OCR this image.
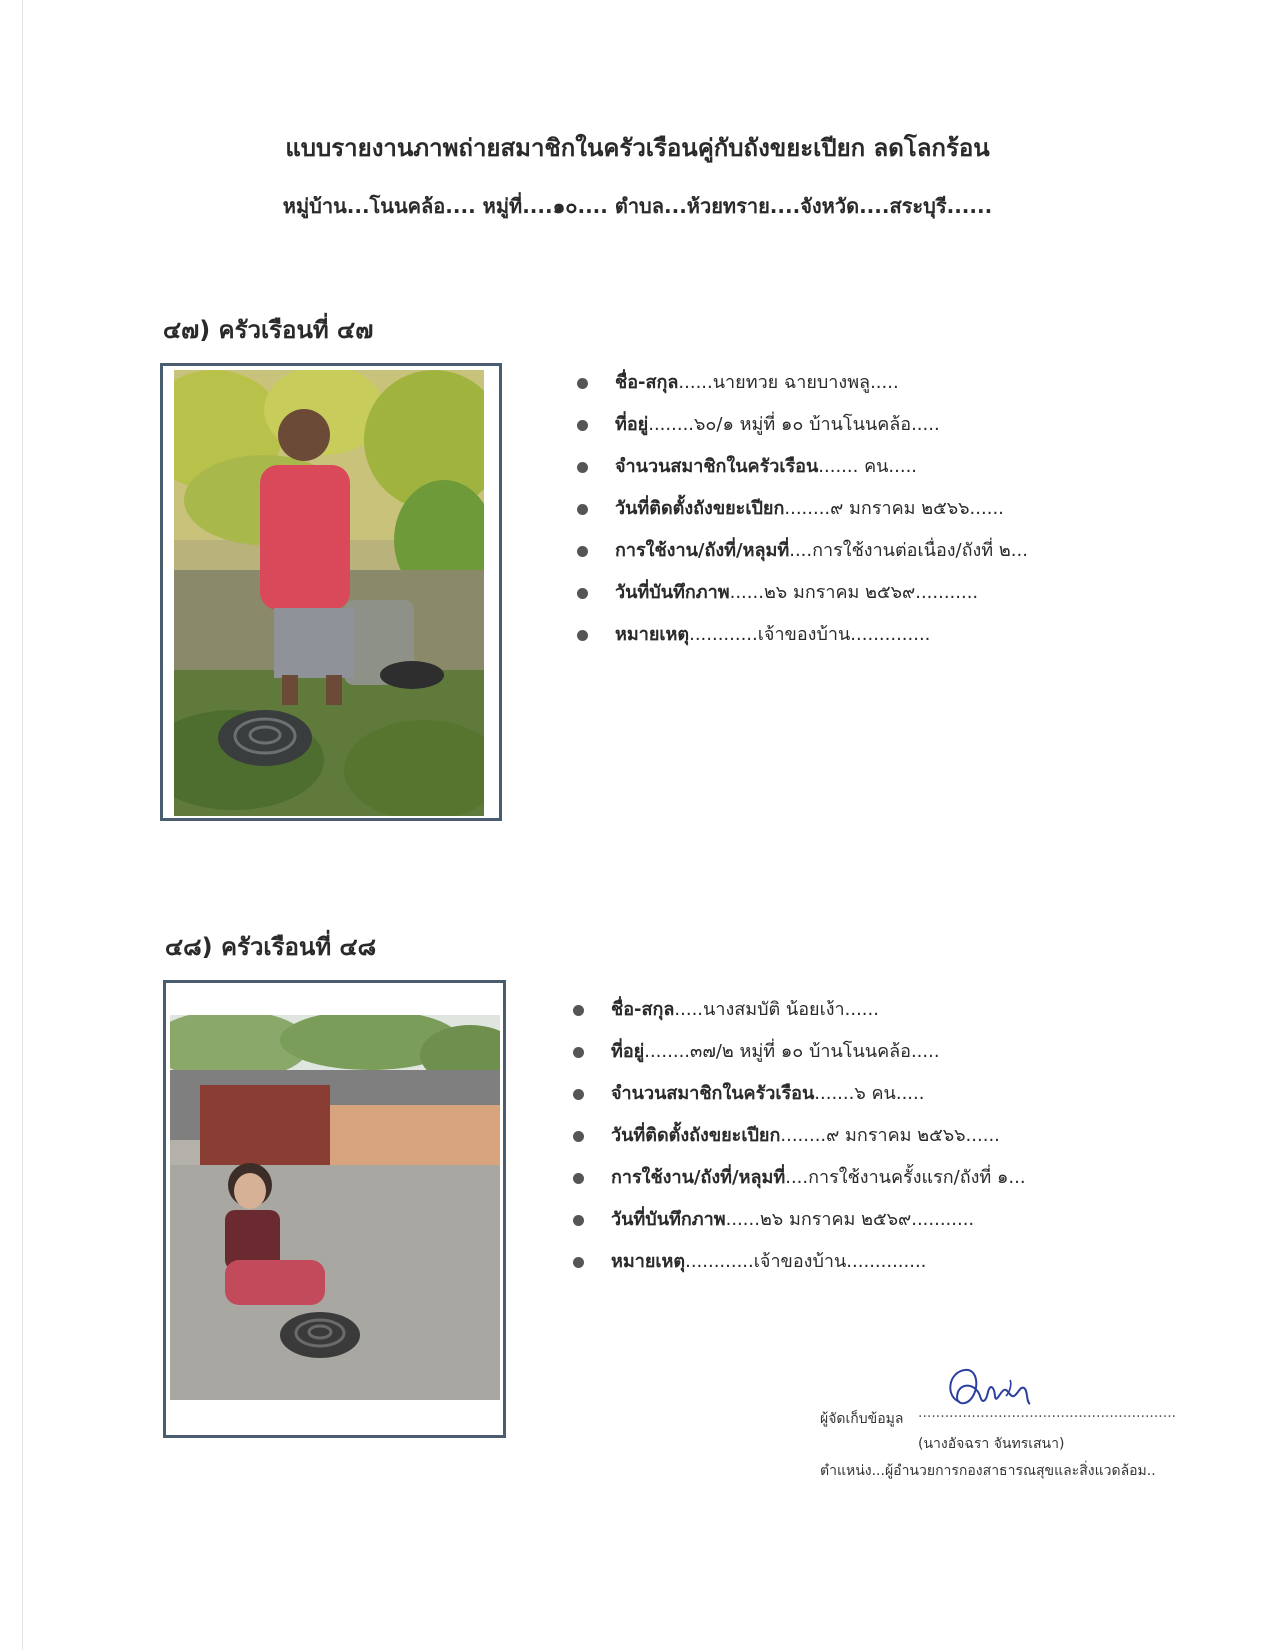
แบบรายงานภาพถ่ายสมาชิกในครัวเรือนคู่กับถังขยะเปียก ลดโลกร้อน
หมู่บ้าน...โนนคล้อ.... หมู่ที่....๑๐.... ตำบล...ห้วยทราย....จังหวัด....สระบุรี......
๔๗) ครัวเรือนที่ ๔๗
ชื่อ-สกุล......นายทวย ฉายบางพลู.....
ที่อยู่........๖๐/๑ หมู่ที่ ๑๐ บ้านโนนคล้อ.....
จำนวนสมาชิกในครัวเรือน....... คน.....
วันที่ติดตั้งถังขยะเปียก........๙ มกราคม ๒๕๖๖......
การใช้งาน/ถังที่/หลุมที่....การใช้งานต่อเนื่อง/ถังที่ ๒...
วันที่บันทึกภาพ......๒๖ มกราคม ๒๕๖๙...........
หมายเหตุ............เจ้าของบ้าน..............
๔๘) ครัวเรือนที่ ๔๘
ชื่อ-สกุล.....นางสมบัติ น้อยเง้า......
ที่อยู่........๓๗/๒ หมู่ที่ ๑๐ บ้านโนนคล้อ.....
จำนวนสมาชิกในครัวเรือน.......๖ คน.....
วันที่ติดตั้งถังขยะเปียก........๙ มกราคม ๒๕๖๖......
การใช้งาน/ถังที่/หลุมที่....การใช้งานครั้งแรก/ถังที่ ๑...
วันที่บันทึกภาพ......๒๖ มกราคม ๒๕๖๙...........
หมายเหตุ............เจ้าของบ้าน..............
ผู้จัดเก็บข้อมูล ..........................................................
(นางอัจฉรา จันทรเสนา)
ตำแหน่ง...ผู้อำนวยการกองสาธารณสุขและสิ่งแวดล้อม..
